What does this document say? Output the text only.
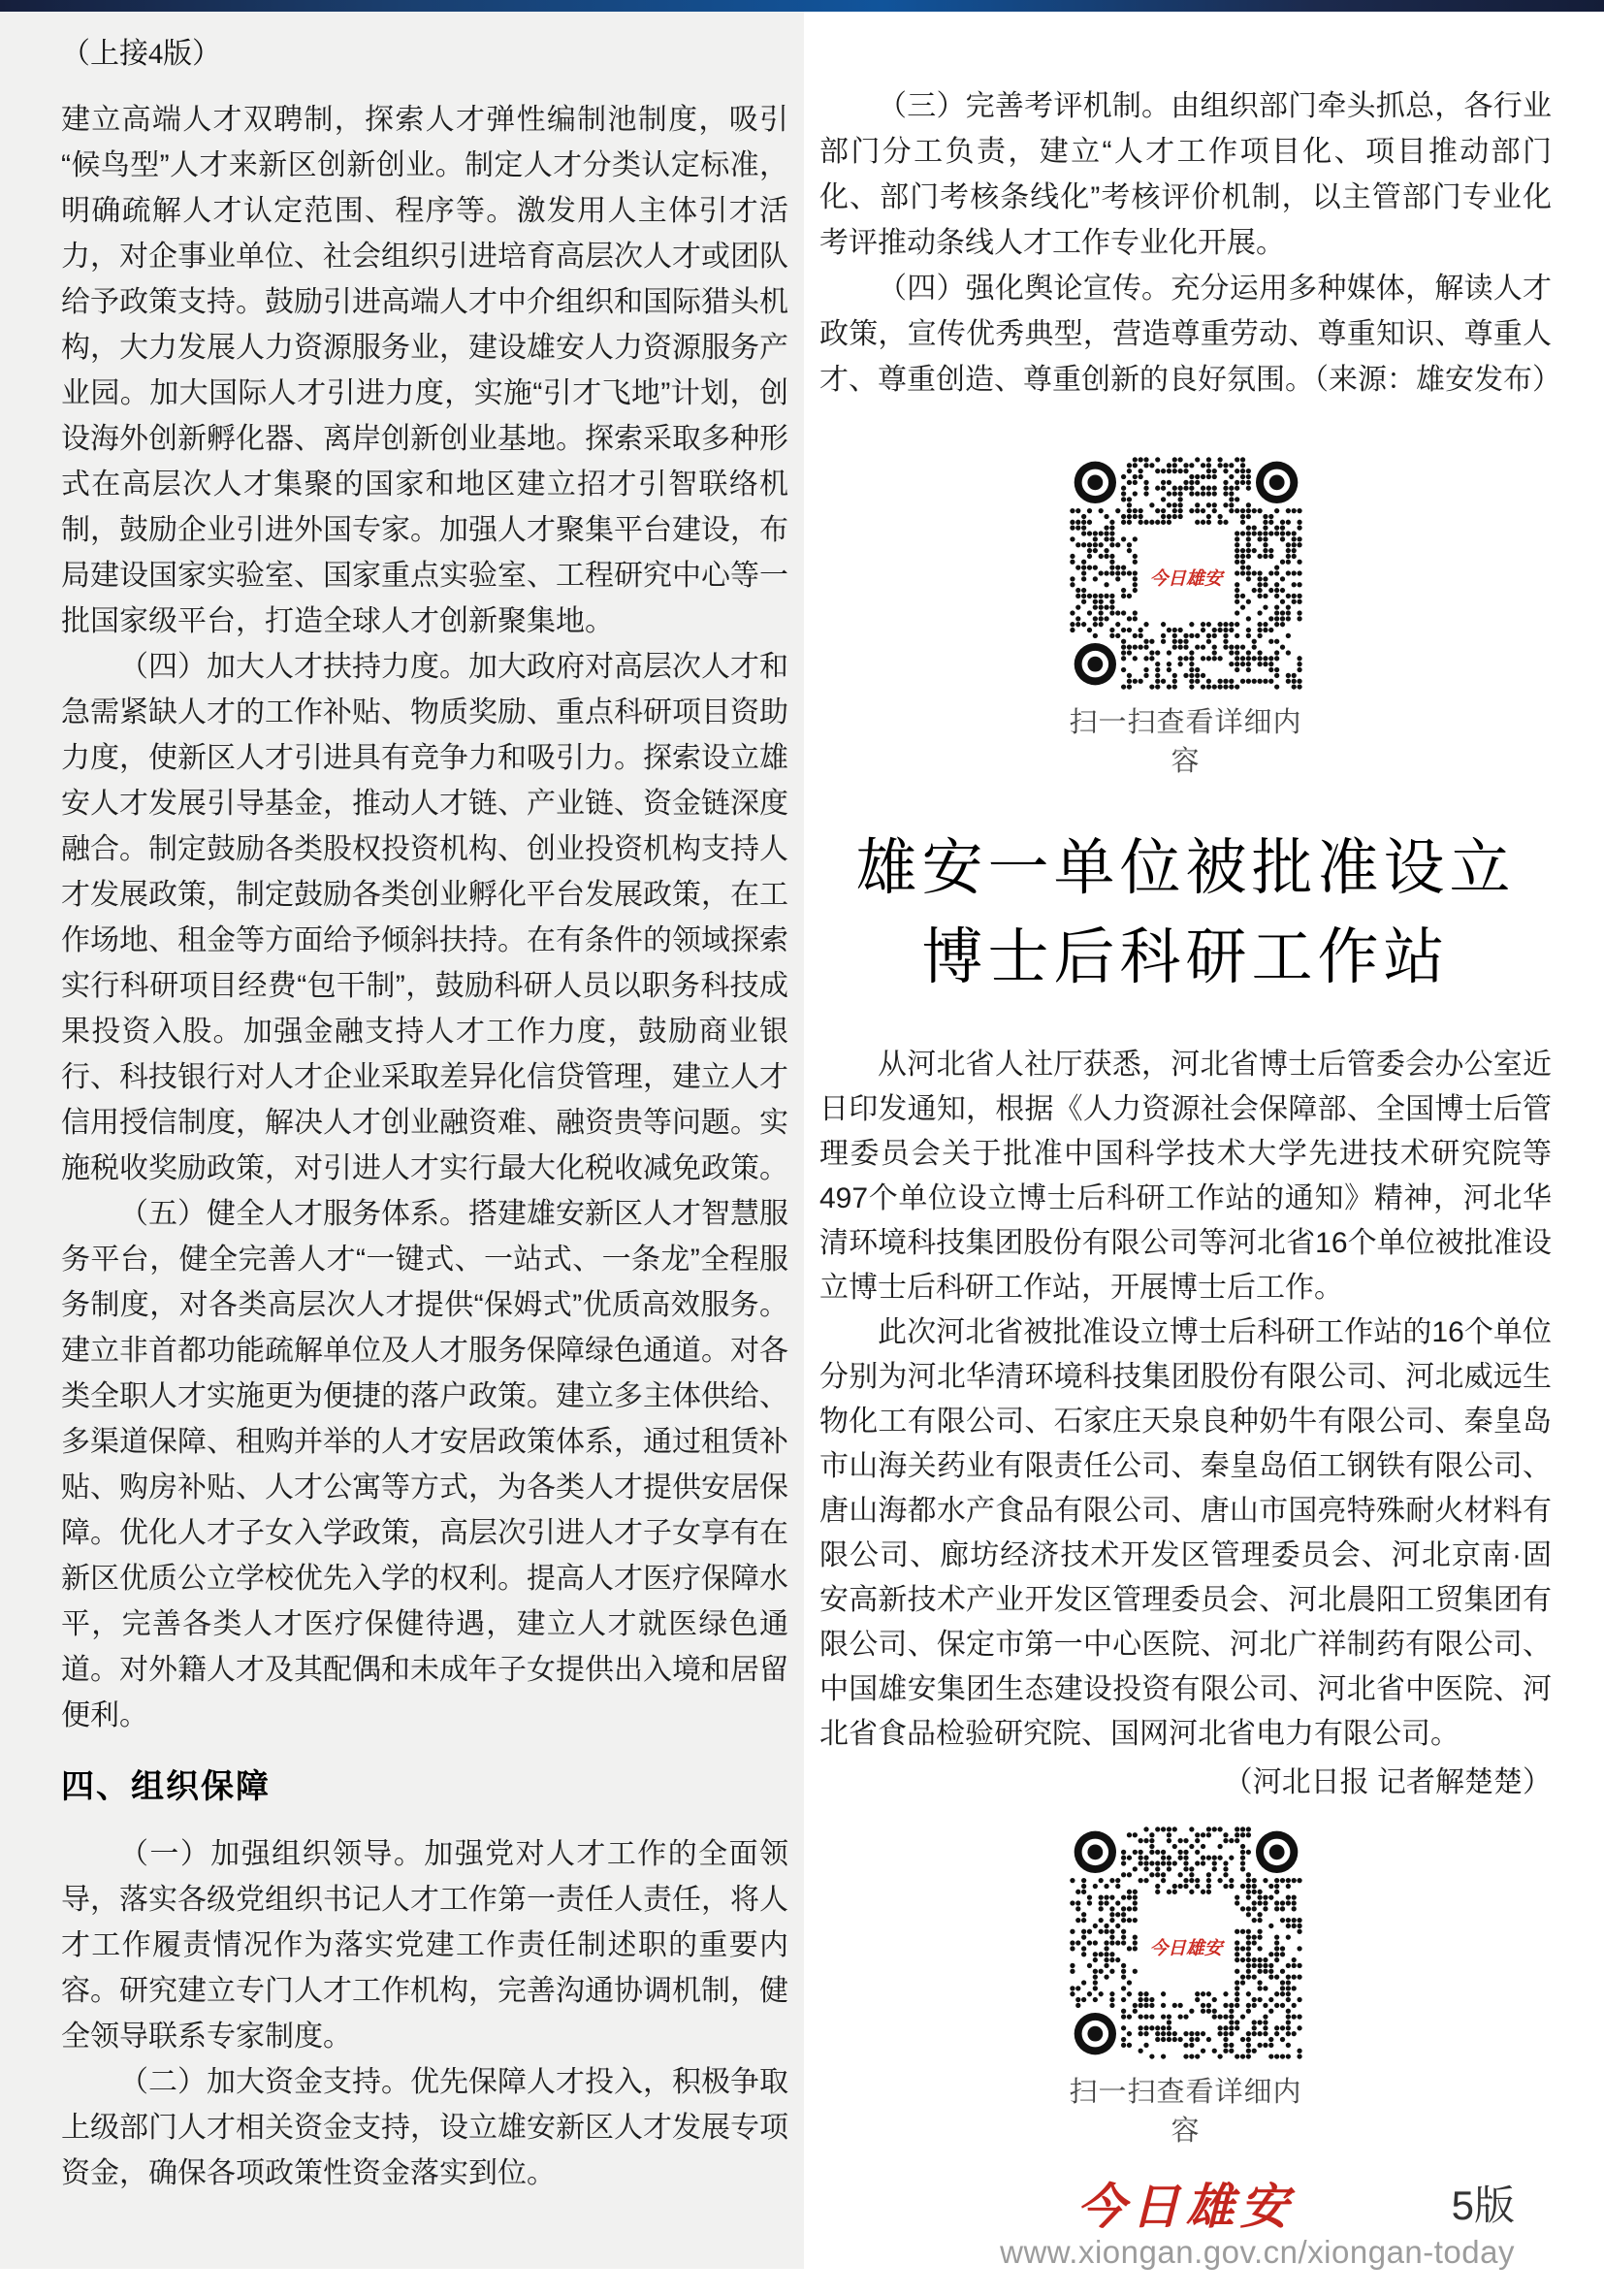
（上接4版）

建立高端人才双聘制，探索人才弹性编制池制度，吸引“候鸟型”人才来新区创新创业。制定人才分类认定标准，明确疏解人才认定范围、程序等。激发用人主体引才活力，对企事业单位、社会组织引进培育高层次人才或团队给予政策支持。鼓励引进高端人才中介组织和国际猎头机构，大力发展人力资源服务业，建设雄安人力资源服务产业园。加大国际人才引进力度，实施“引才飞地”计划，创设海外创新孵化器、离岸创新创业基地。探索采取多种形式在高层次人才集聚的国家和地区建立招才引智联络机制，鼓励企业引进外国专家。加强人才聚集平台建设，布局建设国家实验室、国家重点实验室、工程研究中心等一批国家级平台，打造全球人才创新聚集地。

（四）加大人才扶持力度。加大政府对高层次人才和急需紧缺人才的工作补贴、物质奖励、重点科研项目资助力度，使新区人才引进具有竞争力和吸引力。探索设立雄安人才发展引导基金，推动人才链、产业链、资金链深度融合。制定鼓励各类股权投资机构、创业投资机构支持人才发展政策，制定鼓励各类创业孵化平台发展政策，在工作场地、租金等方面给予倾斜扶持。在有条件的领域探索实行科研项目经费“包干制”，鼓励科研人员以职务科技成果投资入股。加强金融支持人才工作力度，鼓励商业银行、科技银行对人才企业采取差异化信贷管理，建立人才信用授信制度，解决人才创业融资难、融资贵等问题。实施税收奖励政策，对引进人才实行最大化税收减免政策。

（五）健全人才服务体系。搭建雄安新区人才智慧服务平台，健全完善人才“一键式、一站式、一条龙”全程服务制度，对各类高层次人才提供“保姆式”优质高效服务。建立非首都功能疏解单位及人才服务保障绿色通道。对各类全职人才实施更为便捷的落户政策。建立多主体供给、多渠道保障、租购并举的人才安居政策体系，通过租赁补贴、购房补贴、人才公寓等方式，为各类人才提供安居保障。优化人才子女入学政策，高层次引进人才子女享有在新区优质公立学校优先入学的权利。提高人才医疗保障水平，完善各类人才医疗保健待遇，建立人才就医绿色通道。对外籍人才及其配偶和未成年子女提供出入境和居留便利。

四、组织保障

（一）加强组织领导。加强党对人才工作的全面领导，落实各级党组织书记人才工作第一责任人责任，将人才工作履责情况作为落实党建工作责任制述职的重要内容。研究建立专门人才工作机构，完善沟通协调机制，健全领导联系专家制度。

（二）加大资金支持。优先保障人才投入，积极争取上级部门人才相关资金支持，设立雄安新区人才发展专项资金，确保各项政策性资金落实到位。

（三）完善考评机制。由组织部门牵头抓总，各行业部门分工负责，建立“人才工作项目化、项目推动部门化、部门考核条线化”考核评价机制，以主管部门专业化考评推动条线人才工作专业化开展。

（四）强化舆论宣传。充分运用多种媒体，解读人才政策，宣传优秀典型，营造尊重劳动、尊重知识、尊重人才、尊重创造、尊重创新的良好氛围。（来源：雄安发布）

今日雄安
扫一扫查看详细内容
雄安一单位被批准设立
博士后科研工作站

从河北省人社厅获悉，河北省博士后管委会办公室近日印发通知，根据《人力资源社会保障部、全国博士后管理委员会关于批准中国科学技术大学先进技术研究院等497个单位设立博士后科研工作站的通知》精神，河北华清环境科技集团股份有限公司等河北省16个单位被批准设立博士后科研工作站，开展博士后工作。

此次河北省被批准设立博士后科研工作站的16个单位分别为河北华清环境科技集团股份有限公司、河北威远生物化工有限公司、石家庄天泉良种奶牛有限公司、秦皇岛市山海关药业有限责任公司、秦皇岛佰工钢铁有限公司、唐山海都水产食品有限公司、唐山市国亮特殊耐火材料有限公司、廊坊经济技术开发区管理委员会、河北京南·固安高新技术产业开发区管理委员会、河北晨阳工贸集团有限公司、保定市第一中心医院、河北广祥制药有限公司、中国雄安集团生态建设投资有限公司、河北省中医院、河北省食品检验研究院、国网河北省电力有限公司。

（河北日报 记者解楚楚）
今日雄安
扫一扫查看详细内容
今日雄安	5版
www.xiongan.gov.cn/xiongan-today
